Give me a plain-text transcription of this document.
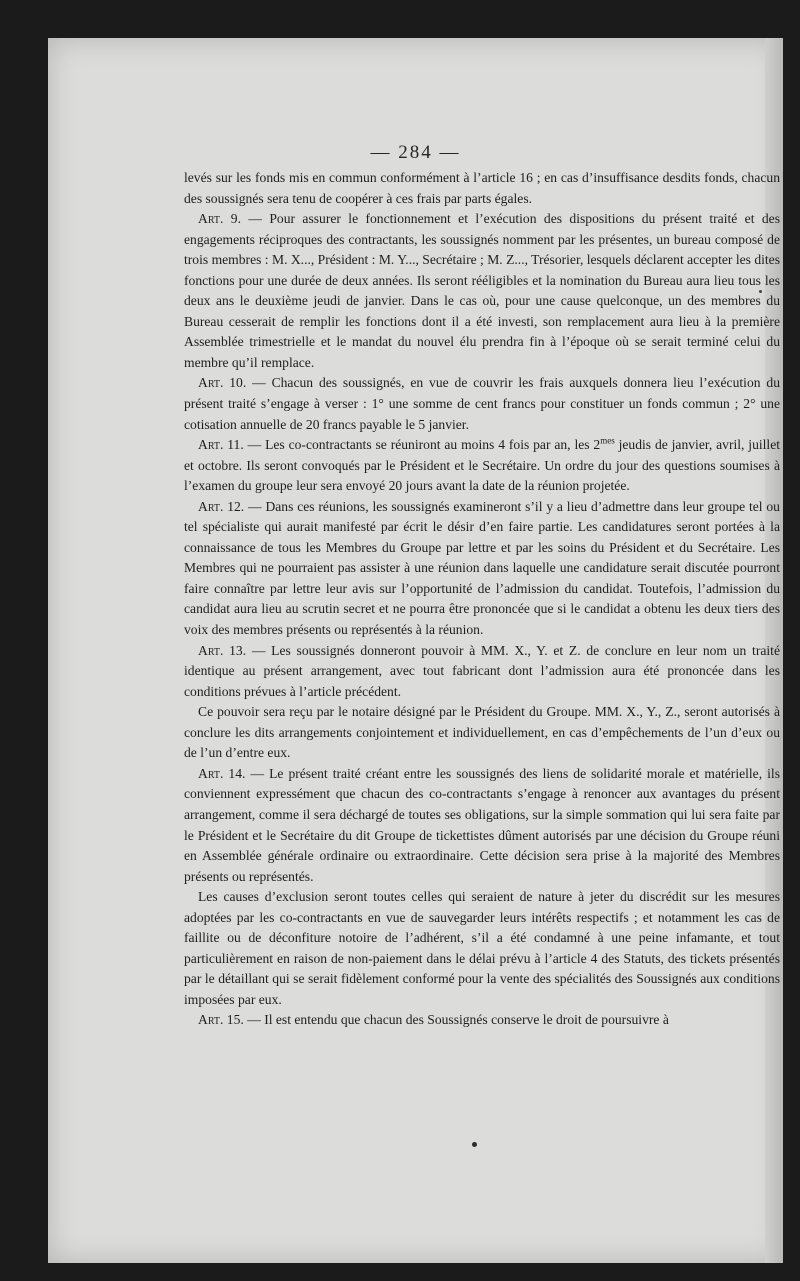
— 284 —

levés sur les fonds mis en commun conformément à l’article 16 ; en cas d’insuffisance desdits fonds, chacun des soussignés sera tenu de coopérer à ces frais par parts égales.

Art. 9. — Pour assurer le fonctionnement et l’exécution des dispositions du présent traité et des engagements réciproques des contractants, les soussignés nomment par les présentes, un bureau composé de trois membres : M. X..., Président : M. Y..., Secrétaire ; M. Z..., Trésorier, lesquels déclarent accepter les dites fonctions pour une durée de deux années. Ils seront rééligibles et la nomination du Bureau aura lieu tous les deux ans le deuxième jeudi de janvier. Dans le cas où, pour une cause quelconque, un des membres du Bureau cesserait de remplir les fonctions dont il a été investi, son remplacement aura lieu à la première Assemblée trimestrielle et le mandat du nouvel élu prendra fin à l’époque où se serait terminé celui du membre qu’il remplace.

Art. 10. — Chacun des soussignés, en vue de couvrir les frais auxquels donnera lieu l’exécution du présent traité s’engage à verser : 1° une somme de cent francs pour constituer un fonds commun ; 2° une cotisation annuelle de 20 francs payable le 5 janvier.

Art. 11. — Les co-contractants se réuniront au moins 4 fois par an, les $2^{mes}$ jeudis de janvier, avril, juillet et octobre. Ils seront convoqués par le Président et le Secrétaire. Un ordre du jour des questions soumises à l’examen du groupe leur sera envoyé 20 jours avant la date de la réunion projetée.

Art. 12. — Dans ces réunions, les soussignés examineront s’il y a lieu d’admettre dans leur groupe tel ou tel spécialiste qui aurait manifesté par écrit le désir d’en faire partie. Les candidatures seront portées à la connaissance de tous les Membres du Groupe par lettre et par les soins du Président et du Secrétaire. Les Membres qui ne pourraient pas assister à une réunion dans laquelle une candidature serait discutée pourront faire connaître par lettre leur avis sur l’opportunité de l’admission du candidat. Toutefois, l’admission du candidat aura lieu au scrutin secret et ne pourra être prononcée que si le candidat a obtenu les deux tiers des voix des membres présents ou représentés à la réunion.

Art. 13. — Les soussignés donneront pouvoir à MM. X., Y. et Z. de conclure en leur nom un traité identique au présent arrangement, avec tout fabricant dont l’admission aura été prononcée dans les conditions prévues à l’article précédent.

Ce pouvoir sera reçu par le notaire désigné par le Président du Groupe. MM. X., Y., Z., seront autorisés à conclure les dits arrangements conjointement et individuellement, en cas d’empêchements de l’un d’eux ou de l’un d’entre eux.

Art. 14. — Le présent traité créant entre les soussignés des liens de solidarité morale et matérielle, ils conviennent expressément que chacun des co-contractants s’engage à renoncer aux avantages du présent arrangement, comme il sera déchargé de toutes ses obligations, sur la simple sommation qui lui sera faite par le Président et le Secrétaire du dit Groupe de tickettistes dûment autorisés par une décision du Groupe réuni en Assemblée générale ordinaire ou extraordinaire. Cette décision sera prise à la majorité des Membres présents ou représentés.

Les causes d’exclusion seront toutes celles qui seraient de nature à jeter du discrédit sur les mesures adoptées par les co-contractants en vue de sauvegarder leurs intérêts respectifs ; et notamment les cas de faillite ou de déconfiture notoire de l’adhérent, s’il a été condamné à une peine infamante, et tout particulièrement en raison de non-paiement dans le délai prévu à l’article 4 des Statuts, des tickets présentés par le détaillant qui se serait fidèlement conformé pour la vente des spécialités des Soussignés aux conditions imposées par eux.

Art. 15. — Il est entendu que chacun des Soussignés conserve le droit de poursuivre à
